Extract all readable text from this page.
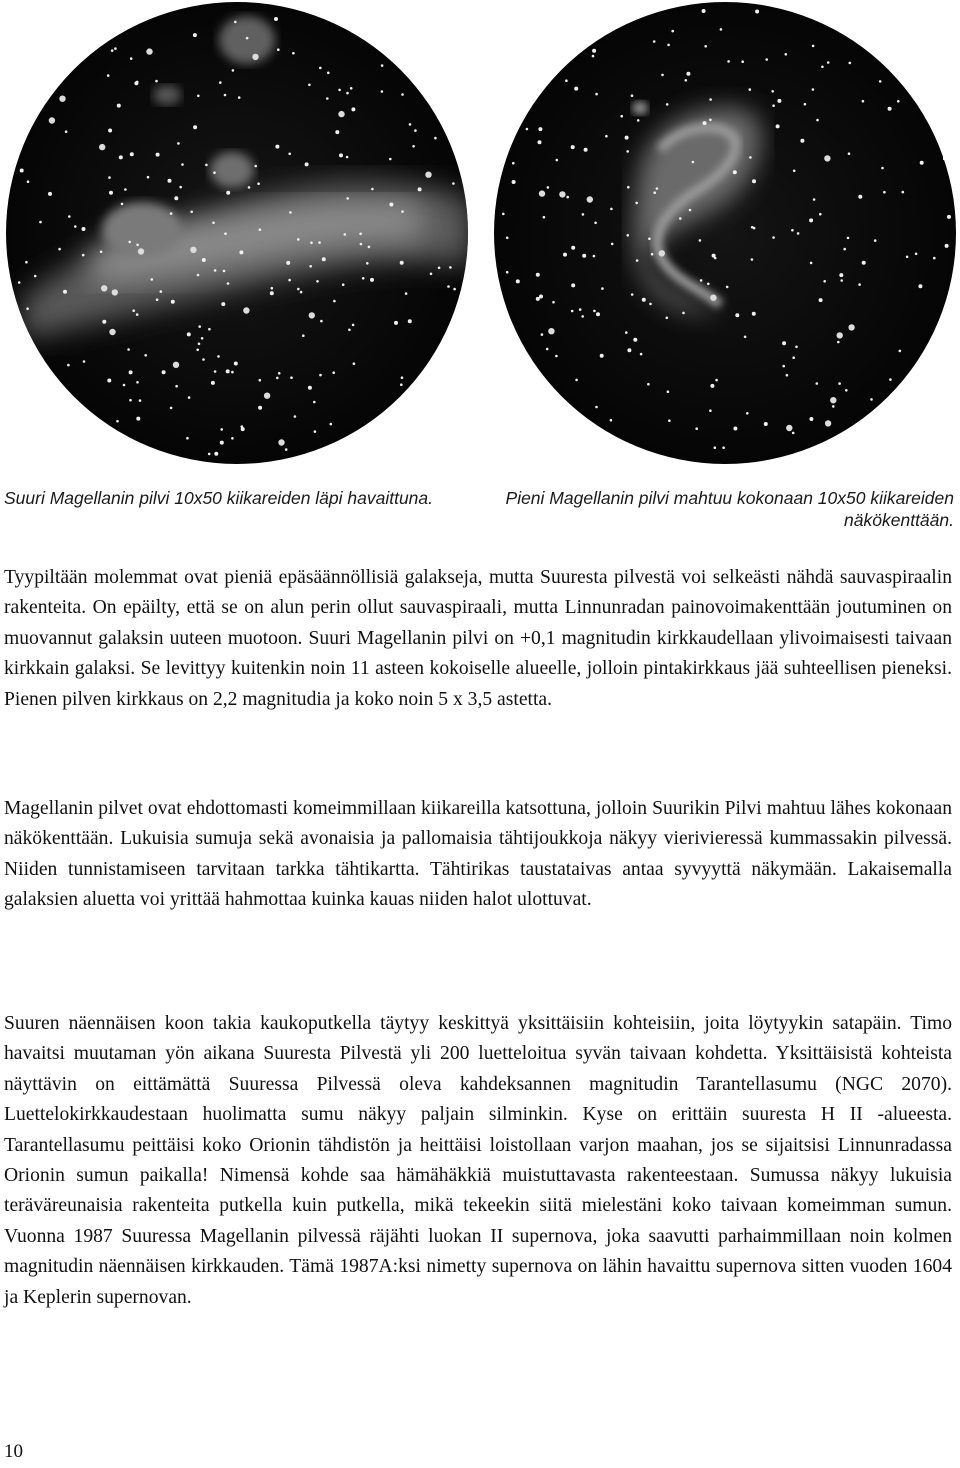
N
W
N
W
Suuri Magellanin pilvi 10x50 kiikareiden läpi havaittuna.	Pieni Magellanin pilvi mahtuu kokonaan 10x50 kiikareiden näkökenttään.

Tyypiltään molemmat ovat pieniä epäsäännöllisiä galakseja, mutta Suuresta pilvestä voi selkeästi nähdä sauvaspiraalin rakenteita. On epäilty, että se on alun perin ollut sauvaspiraali, mutta Linnunradan painovoimakenttään joutuminen on muovannut galaksin uuteen muotoon. Suuri Magellanin pilvi on +0,1 magnitudin kirkkaudellaan ylivoimaisesti taivaan kirkkain galaksi. Se levittyy kuitenkin noin 11 asteen kokoiselle alueelle, jolloin pintakirkkaus jää suhteellisen pieneksi. Pienen pilven kirkkaus on 2,2 magnitudia ja koko noin 5 x 3,5 astetta.

Magellanin pilvet ovat ehdottomasti komeimmillaan kiikareilla katsottuna, jolloin Suurikin Pilvi mahtuu lähes kokonaan näkökenttään. Lukuisia sumuja sekä avonaisia ja pallomaisia tähtijoukkoja näkyy vierivieressä kummassakin pilvessä. Niiden tunnistamiseen tarvitaan tarkka tähtikartta. Tähtirikas taustataivas antaa syvyyttä näkymään. Lakaisemalla galaksien aluetta voi yrittää hahmottaa kuinka kauas niiden halot ulottuvat.

Suuren näennäisen koon takia kaukoputkella täytyy keskittyä yksittäisiin kohteisiin, joita löytyykin satapäin. Timo havaitsi muutaman yön aikana Suuresta Pilvestä yli 200 luetteloitua syvän taivaan kohdetta. Yksittäisistä kohteista näyttävin on eittämättä Suuressa Pilvessä oleva kahdeksannen magnitudin Tarantellasumu (NGC 2070). Luettelokirkkaudestaan huolimatta sumu näkyy paljain silminkin. Kyse on erittäin suuresta H II -alueesta. Tarantellasumu peittäisi koko Orionin tähdistön ja heittäisi loistollaan varjon maahan, jos se sijaitsisi Linnunradassa Orionin sumun paikalla! Nimensä kohde saa hämähäkkiä muistuttavasta rakenteestaan. Sumussa näkyy lukuisia teräväreunaisia rakenteita putkella kuin putkella, mikä tekeekin siitä mielestäni koko taivaan komeimman sumun. Vuonna 1987 Suuressa Magellanin pilvessä räjähti luokan II supernova, joka saavutti parhaimmillaan noin kolmen magnitudin näennäisen kirkkauden. Tämä 1987A:ksi nimetty supernova on lähin havaittu supernova sitten vuoden 1604 ja Keplerin supernovan.

10
